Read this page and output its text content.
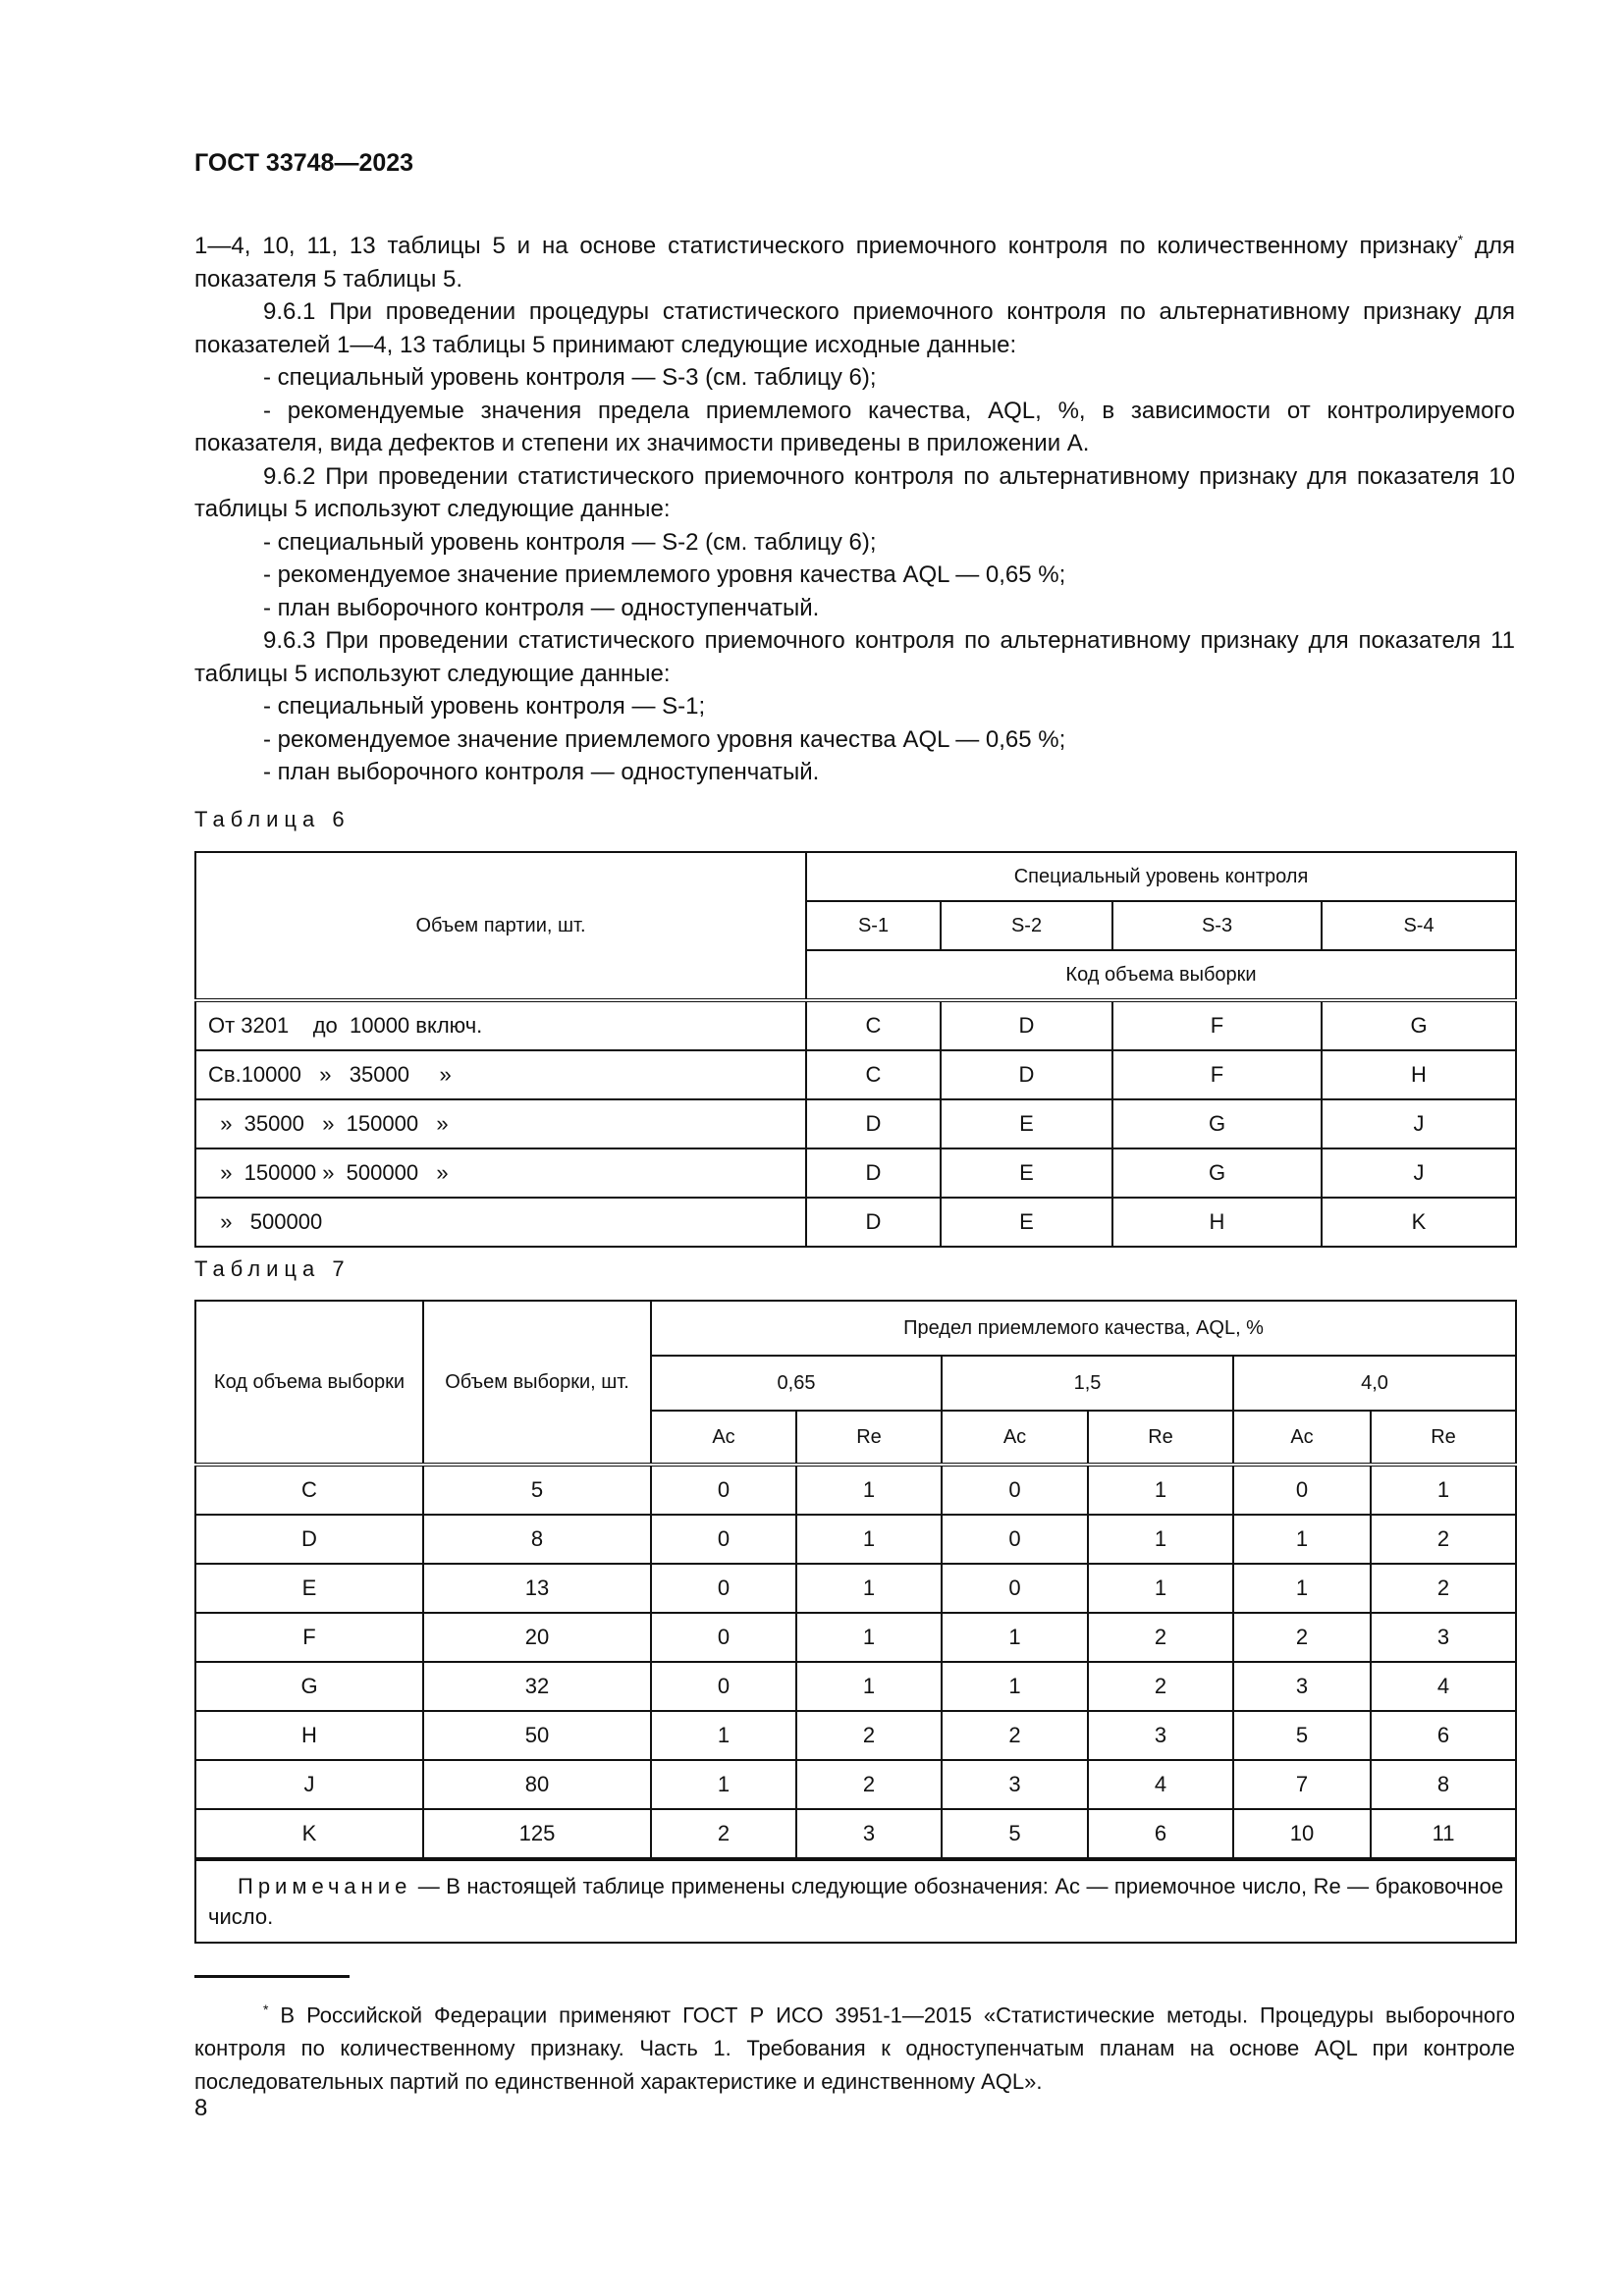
ГОСТ 33748—2023

1—4, 10, 11, 13 таблицы 5 и на основе статистического приемочного контроля по количественному признаку* для показателя 5 таблицы 5.

9.6.1 При проведении процедуры статистического приемочного контроля по альтернативному признаку для показателей 1—4, 13 таблицы 5 принимают следующие исходные данные:

- специальный уровень контроля — S-3 (см. таблицу 6);

- рекомендуемые значения предела приемлемого качества, AQL, %, в зависимости от контролируемого показателя, вида дефектов и степени их значимости приведены в приложении А.

9.6.2 При проведении статистического приемочного контроля по альтернативному признаку для показателя 10 таблицы 5 используют следующие данные:

- специальный уровень контроля — S-2 (см. таблицу 6);

- рекомендуемое значение приемлемого уровня качества AQL — 0,65 %;

- план выборочного контроля — одноступенчатый.

9.6.3 При проведении статистического приемочного контроля по альтернативному признаку для показателя 11 таблицы 5 используют следующие данные:

- специальный уровень контроля — S-1;

- рекомендуемое значение приемлемого уровня качества AQL — 0,65 %;

- план выборочного контроля — одноступенчатый.

Таблица 6
Объем партии, шт.	Специальный уровень контроля			
	S-1	S-2	S-3	S-4
	Код объема выборки			
От 3201    до  10000 включ.	C	D	F	G
Св.10000   »   35000     »	C	D	F	H
»  35000   »  150000   »	D	E	G	J
»  150000 »  500000   »	D	E	G	J
»   500000	D	E	H	K
Таблица 7
Код объема выборки	Объем выборки, шт.	Предел приемлемого качества, AQL, %					
		0,65		1,5		4,0	
		Ac	Re	Ac	Re	Ac	Re
C	5	0	1	0	1	0	1
D	8	0	1	0	1	1	2
E	13	0	1	0	1	1	2
F	20	0	1	1	2	2	3
G	32	0	1	1	2	3	4
H	50	1	2	2	3	5	6
J	80	1	2	3	4	7	8
K	125	2	3	5	6	10	11
Примечание — В настоящей таблице применены следующие обозначения: Ac — приемочное число, Re — браковочное число.							
* В Российской Федерации применяют ГОСТ Р ИСО 3951-1—2015 «Статистические методы. Процедуры выборочного контроля по количественному признаку. Часть 1. Требования к одноступенчатым планам на основе AQL при контроле последовательных партий по единственной характеристике и единственному AQL».
8
